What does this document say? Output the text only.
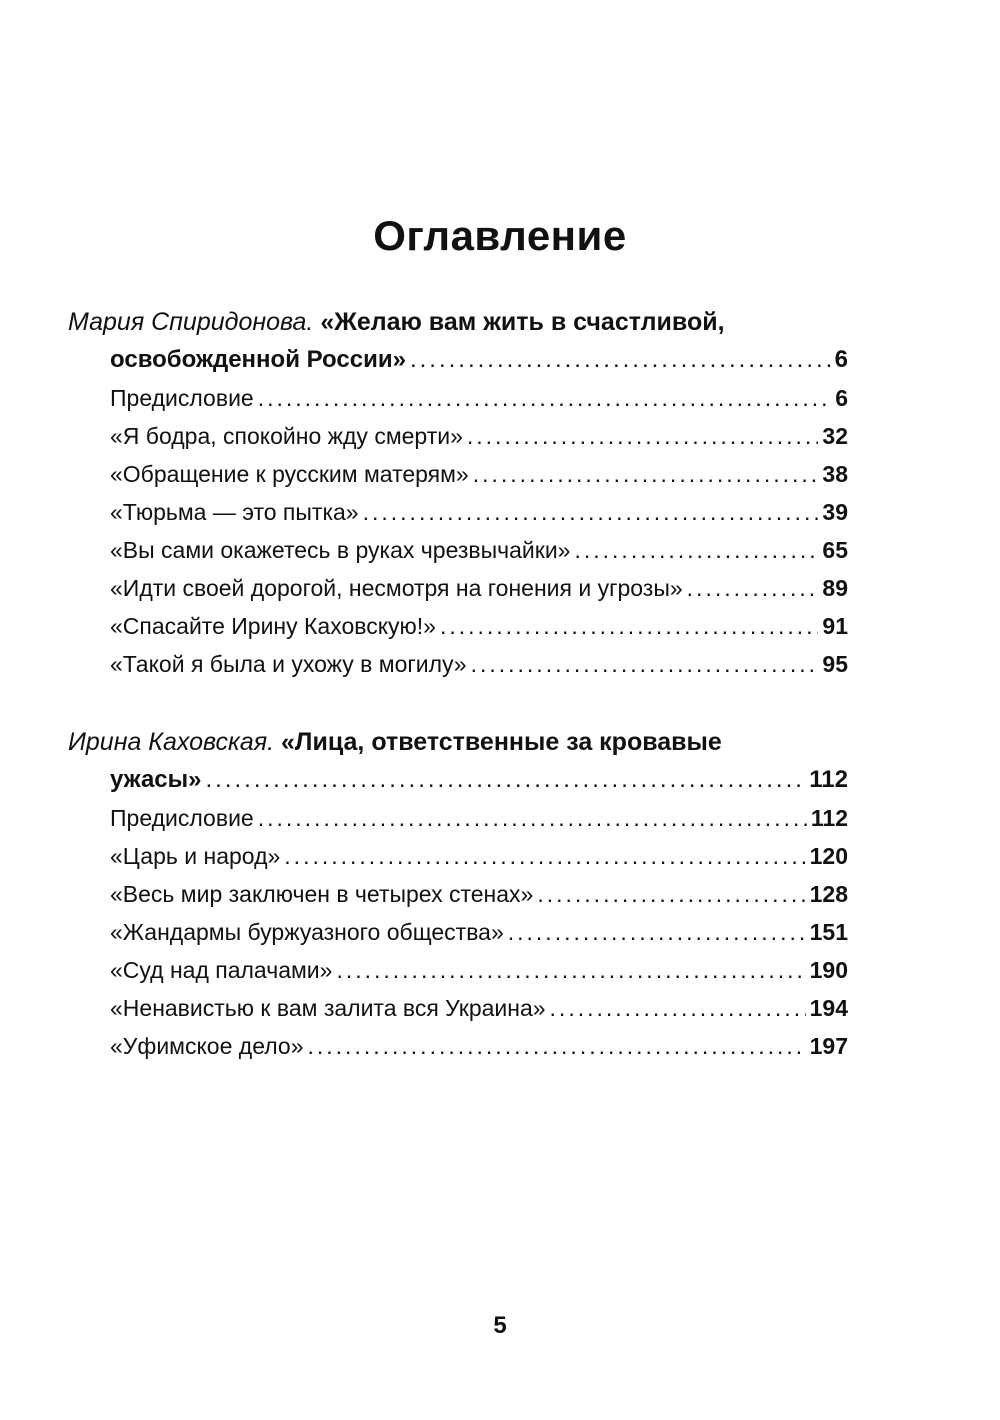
Оглавление
Мария Спиридонова. «Желаю вам жить в счастливой,
освобожденной России» .....	6
Предисловие .....	6
«Я бодра, спокойно жду смерти» .....	32
«Обращение к русским матерям» .....	38
«Тюрьма — это пытка» .....	39
«Вы сами окажетесь в руках чрезвычайки» .....	65
«Идти своей дорогой, несмотря на гонения и угрозы» .....	89
«Спасайте Ирину Каховскую!» .....	91
«Такой я была и ухожу в могилу» .....	95
Ирина Каховская. «Лица, ответственные за кровавые
ужасы» .....	112
Предисловие .....	112
«Царь и народ» .....	120
«Весь мир заключен в четырех стенах» .....	128
«Жандармы буржуазного общества» .....	151
«Суд над палачами» .....	190
«Ненавистью к вам залита вся Украина» .....	194
«Уфимское дело» .....	197
5
